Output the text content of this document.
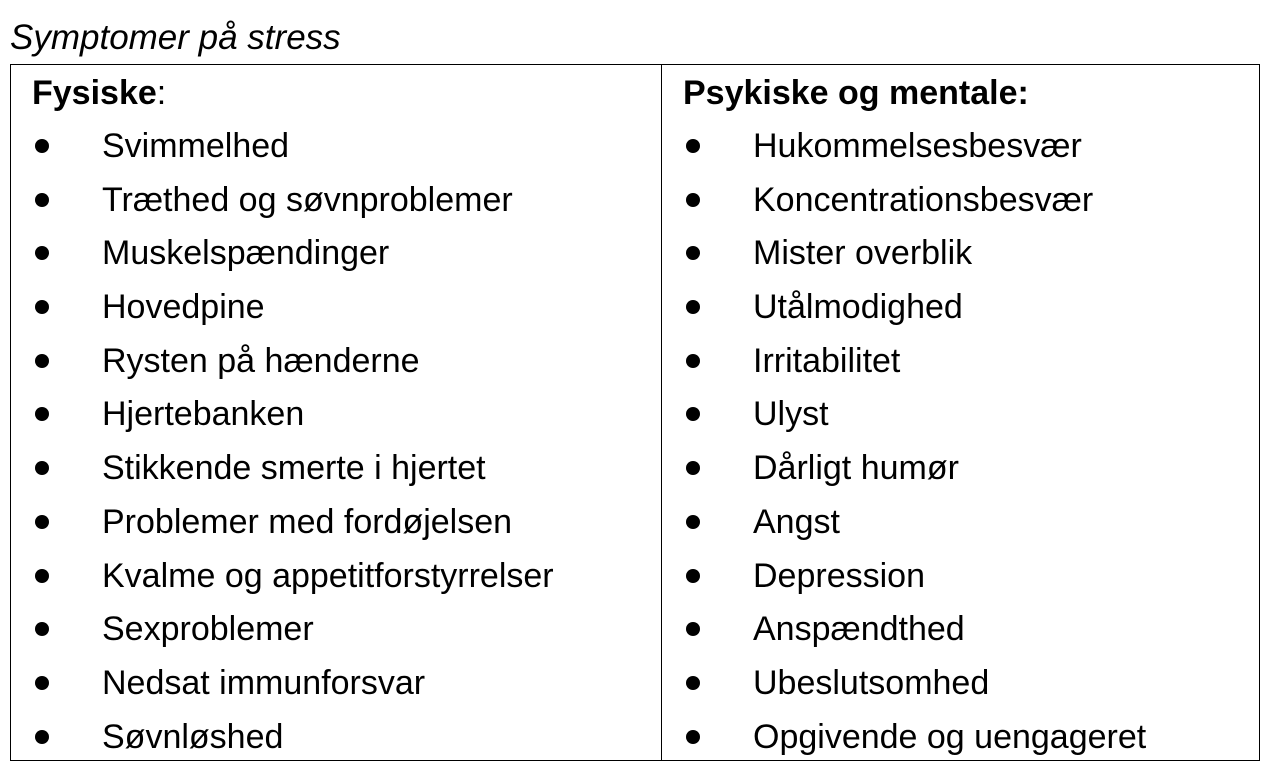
Symptomer på stress
Fysiske:
Svimmelhed
Træthed og søvnproblemer
Muskelspændinger
Hovedpine
Rysten på hænderne
Hjertebanken
Stikkende smerte i hjertet
Problemer med fordøjelsen
Kvalme og appetitforstyrrelser
Sexproblemer
Nedsat immunforsvar
Søvnløshed
Psykiske og mentale:
Hukommelsesbesvær
Koncentrationsbesvær
Mister overblik
Utålmodighed
Irritabilitet
Ulyst
Dårligt humør
Angst
Depression
Anspændthed
Ubeslutsomhed
Opgivende og uengageret
